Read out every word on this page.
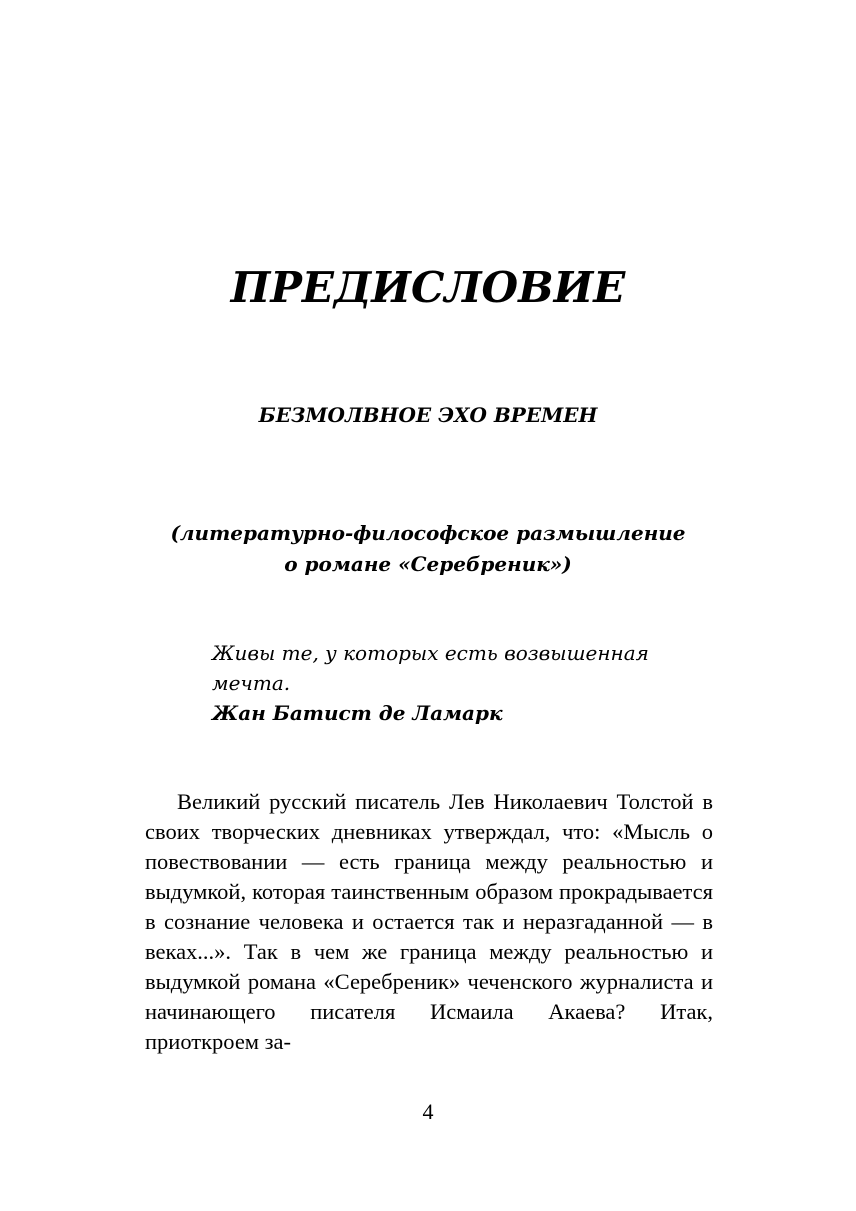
ПРЕДИСЛОВИЕ
БЕЗМОЛВНОЕ ЭХО ВРЕМЕН

(литературно-философское размышление
о романе «Серебреник»)

Живы те, у которых есть возвышенная
мечта.
Жан Батист де Ламарк

Великий русский писатель Лев Николаевич Толстой в своих творческих дневниках утверждал, что: «Мысль о повествовании — есть граница между реальностью и выдумкой, которая таинственным образом прокрадывается в сознание человека и остается так и неразгаданной — в веках...». Так в чем же граница между реальностью и выдумкой романа «Серебреник» чеченского журналиста и начинающего писателя Исмаила Акаева? Итак, приоткроем за-

4
